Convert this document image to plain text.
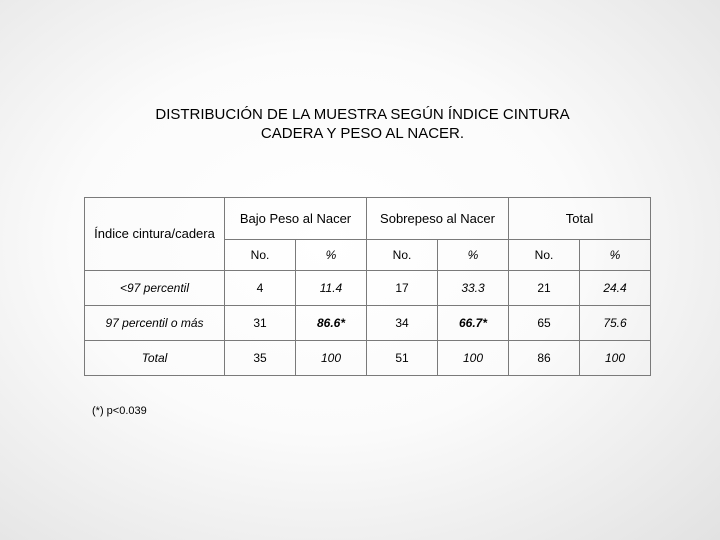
DISTRIBUCIÓN DE LA MUESTRA SEGÚN ÍNDICE CINTURA
CADERA Y PESO AL NACER.
Índice cintura/cadera	Bajo Peso al Nacer		Sobrepeso al Nacer		Total	
	No.	%	No.	%	No.	%
<97 percentil	4	11.4	17	33.3	21	24.4
97 percentil o más	31	86.6*	34	66.7*	65	75.6
Total	35	100	51	100	86	100
(*) p<0.039
